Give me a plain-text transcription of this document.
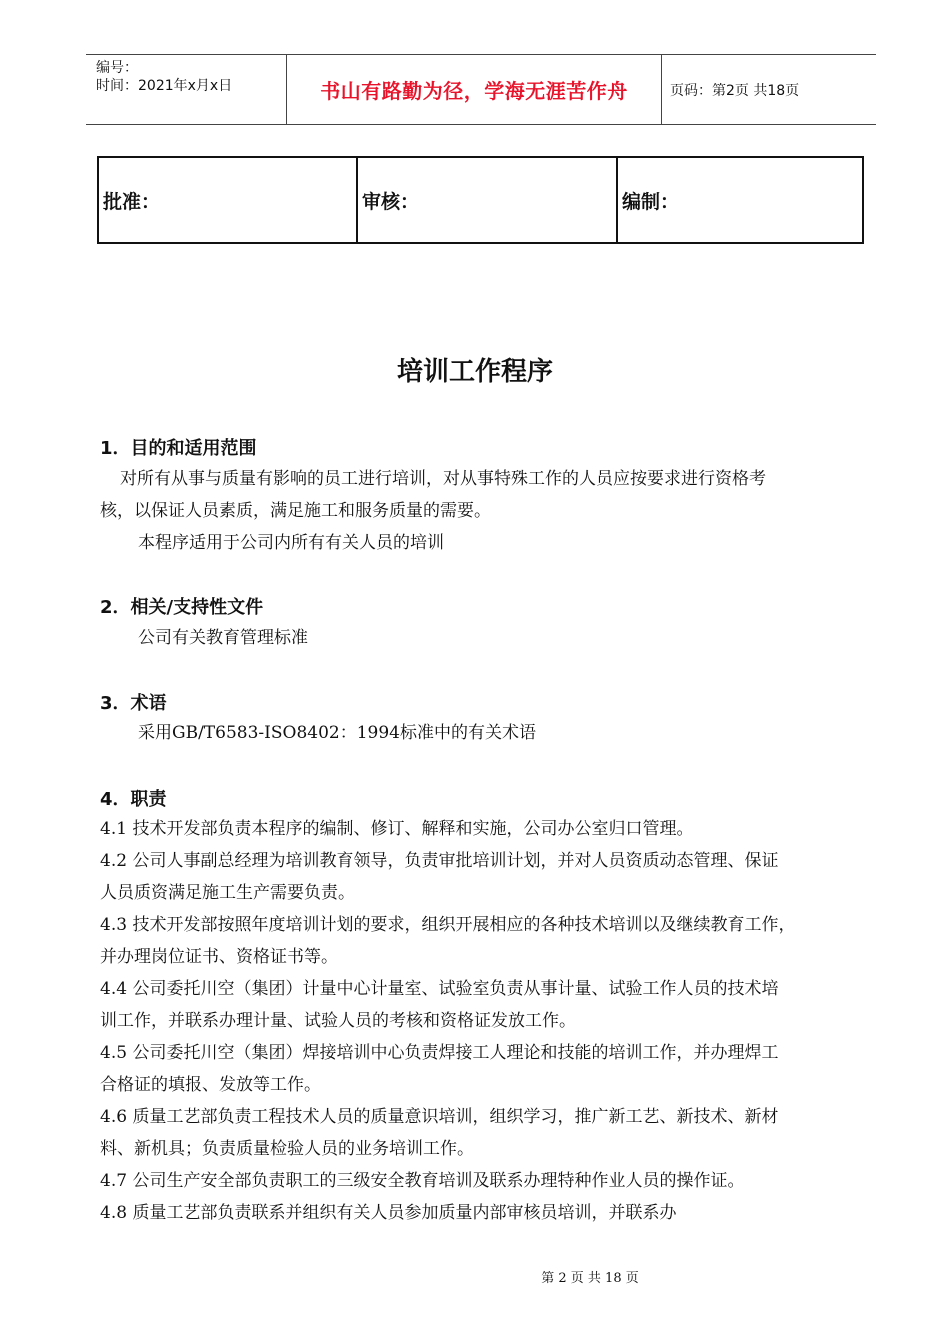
编号：
时间：2021年x月x日	书山有路勤为径，学海无涯苦作舟	页码：第2页 共18页
批准：	审核：	编制：
培训工作程序
1．目的和适用范围
对所有从事与质量有影响的员工进行培训，对从事特殊工作的人员应按要求进行资格考
核，以保证人员素质，满足施工和服务质量的需要。
本程序适用于公司内所有有关人员的培训
2．相关/支持性文件
公司有关教育管理标准
3．术语
采用GB/T6583-ISO8402：1994标准中的有关术语
4．职责
4.1 技术开发部负责本程序的编制、修订、解释和实施，公司办公室归口管理。
4.2 公司人事副总经理为培训教育领导，负责审批培训计划，并对人员资质动态管理、保证
人员质资满足施工生产需要负责。
4.3 技术开发部按照年度培训计划的要求，组织开展相应的各种技术培训以及继续教育工作，
并办理岗位证书、资格证书等。
4.4 公司委托川空（集团）计量中心计量室、试验室负责从事计量、试验工作人员的技术培
训工作，并联系办理计量、试验人员的考核和资格证发放工作。
4.5 公司委托川空（集团）焊接培训中心负责焊接工人理论和技能的培训工作，并办理焊工
合格证的填报、发放等工作。
4.6 质量工艺部负责工程技术人员的质量意识培训，组织学习，推广新工艺、新技术、新材
料、新机具；负责质量检验人员的业务培训工作。
4.7 公司生产安全部负责职工的三级安全教育培训及联系办理特种作业人员的操作证。
4.8 质量工艺部负责联系并组织有关人员参加质量内部审核员培训，并联系办
第 2 页 共 18 页
